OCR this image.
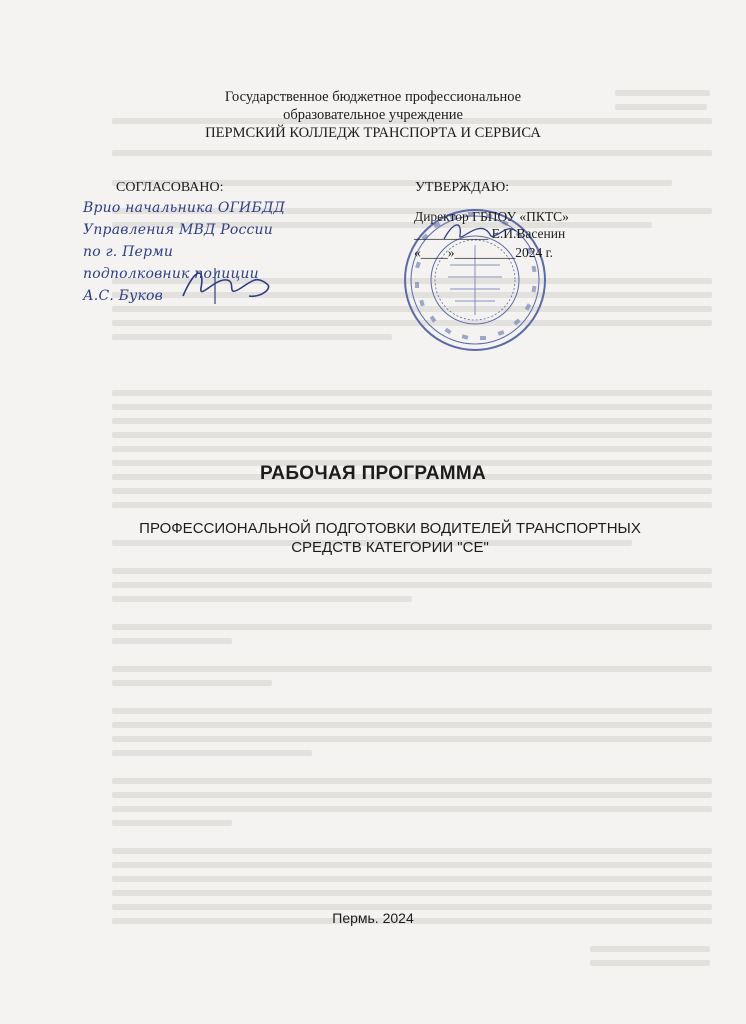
Государственное бюджетное профессиональное
образовательное учреждение
ПЕРМСКИЙ КОЛЛЕДЖ ТРАНСПОРТА И СЕРВИСА
СОГЛАСОВАНО:
Врио начальника ОГИБДД
Управления МВД России
по г. Перми
подполковник полиции
А.С. Буков
УТВЕРЖДАЮ:
Директор ГБПОУ «ПКТС»
___________ Е.И.Васенин
«____»_________2024 г.
РАБОЧАЯ ПРОГРАММА
ПРОФЕССИОНАЛЬНОЙ ПОДГОТОВКИ ВОДИТЕЛЕЙ ТРАНСПОРТНЫХ
СРЕДСТВ КАТЕГОРИИ "CE"
Пермь. 2024
